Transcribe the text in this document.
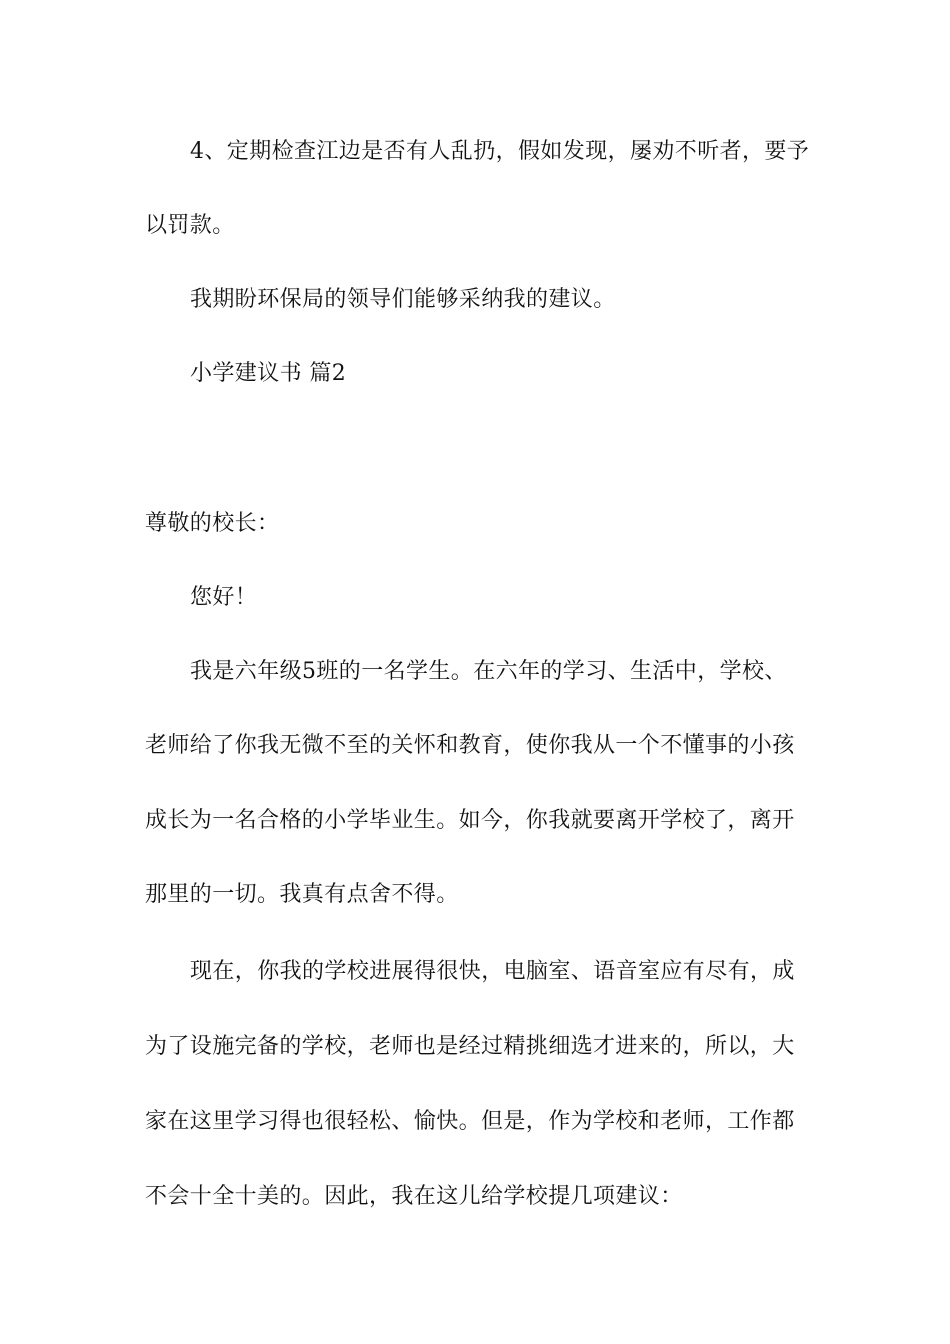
4、定期检查江边是否有人乱扔，假如发现，屡劝不听者，要予
以罚款。
我期盼环保局的领导们能够采纳我的建议。
小学建议书 篇2
尊敬的校长：
您好！
我是六年级5班的一名学生。在六年的学习、生活中，学校、
老师给了你我无微不至的关怀和教育，使你我从一个不懂事的小孩
成长为一名合格的小学毕业生。如今，你我就要离开学校了，离开
那里的一切。我真有点舍不得。
现在，你我的学校进展得很快，电脑室、语音室应有尽有，成
为了设施完备的学校，老师也是经过精挑细选才进来的，所以，大
家在这里学习得也很轻松、愉快。但是，作为学校和老师，工作都
不会十全十美的。因此，我在这儿给学校提几项建议：
